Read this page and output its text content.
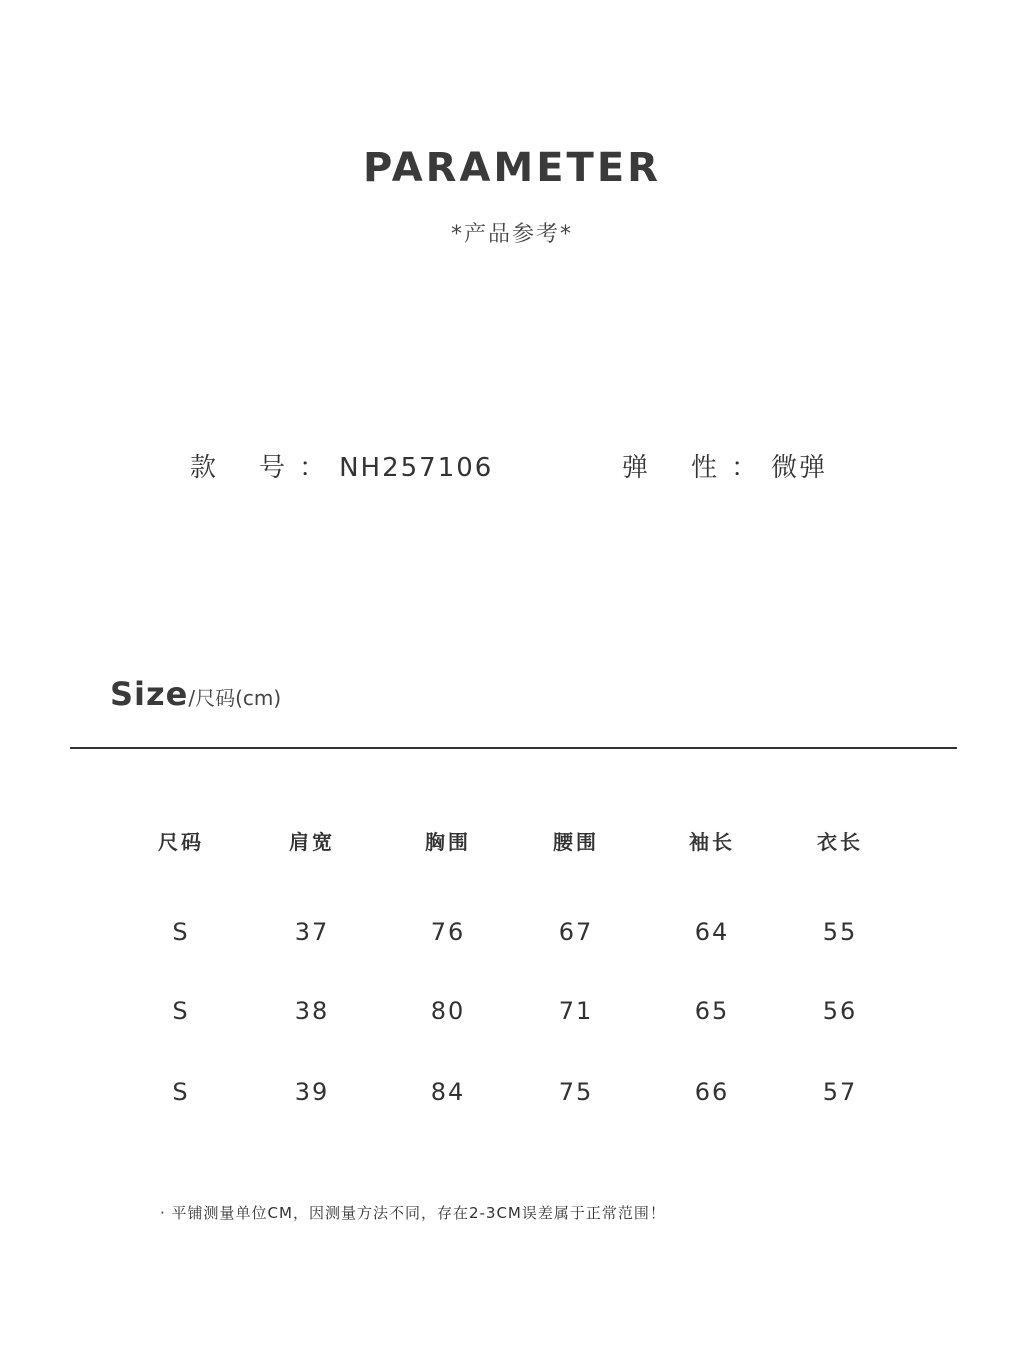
PARAMETER
*产品参考*
款    号 ： NH257106	弹    性 ： 微弹
Size/尺码(cm)
尺码	肩宽	胸围	腰围	袖长	衣长
S	37	76	67	64	55
S	38	80	71	65	56
S	39	84	75	66	57
· 平铺测量单位CM，因测量方法不同，存在2-3CM误差属于正常范围！
